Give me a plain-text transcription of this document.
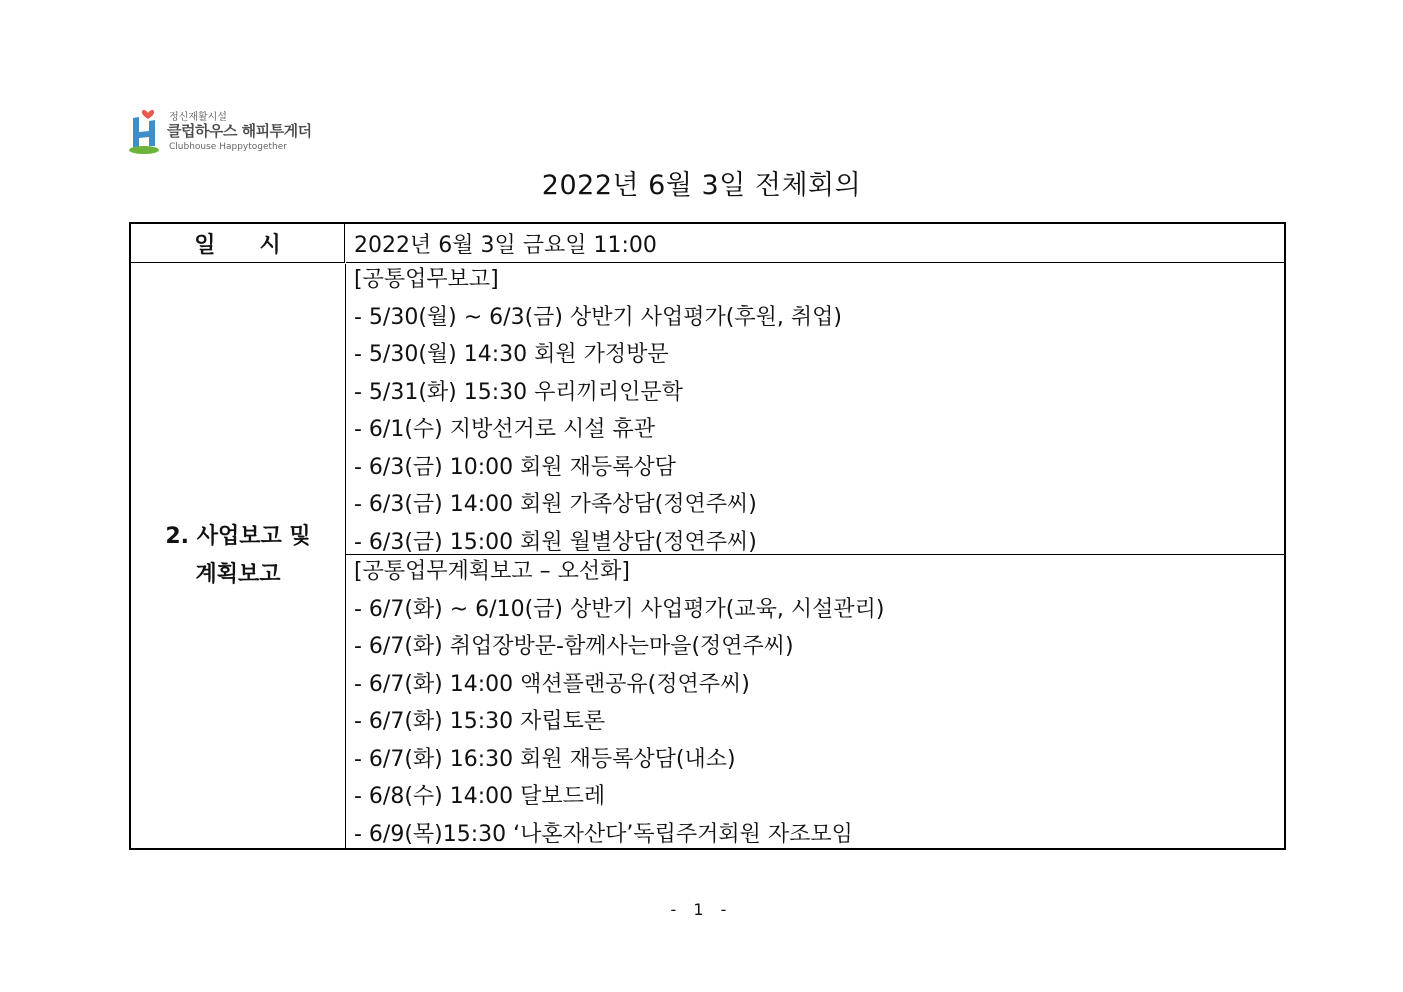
정신재활시설
클럽하우스 해피투게더
Clubhouse Happytogether
2022년 6월 3일 전체회의
일시	2022년 6월 3일 금요일 11:00
2. 사업보고 및
계획보고
[공통업무보고]
- 5/30(월) ~ 6/3(금) 상반기 사업평가(후원, 취업)
- 5/30(월) 14:30 회원 가정방문
- 5/31(화) 15:30 우리끼리인문학
- 6/1(수) 지방선거로 시설 휴관
- 6/3(금) 10:00 회원 재등록상담
- 6/3(금) 14:00 회원 가족상담(정연주씨)
- 6/3(금) 15:00 회원 월별상담(정연주씨)
[공통업무계획보고 – 오선화]
- 6/7(화) ~ 6/10(금) 상반기 사업평가(교육, 시설관리)
- 6/7(화) 취업장방문-함께사는마을(정연주씨)
- 6/7(화) 14:00 액션플랜공유(정연주씨)
- 6/7(화) 15:30 자립토론
- 6/7(화) 16:30 회원 재등록상담(내소)
- 6/8(수) 14:00 달보드레
- 6/9(목)15:30 ‘나혼자산다’독립주거회원 자조모임
- 1 -
